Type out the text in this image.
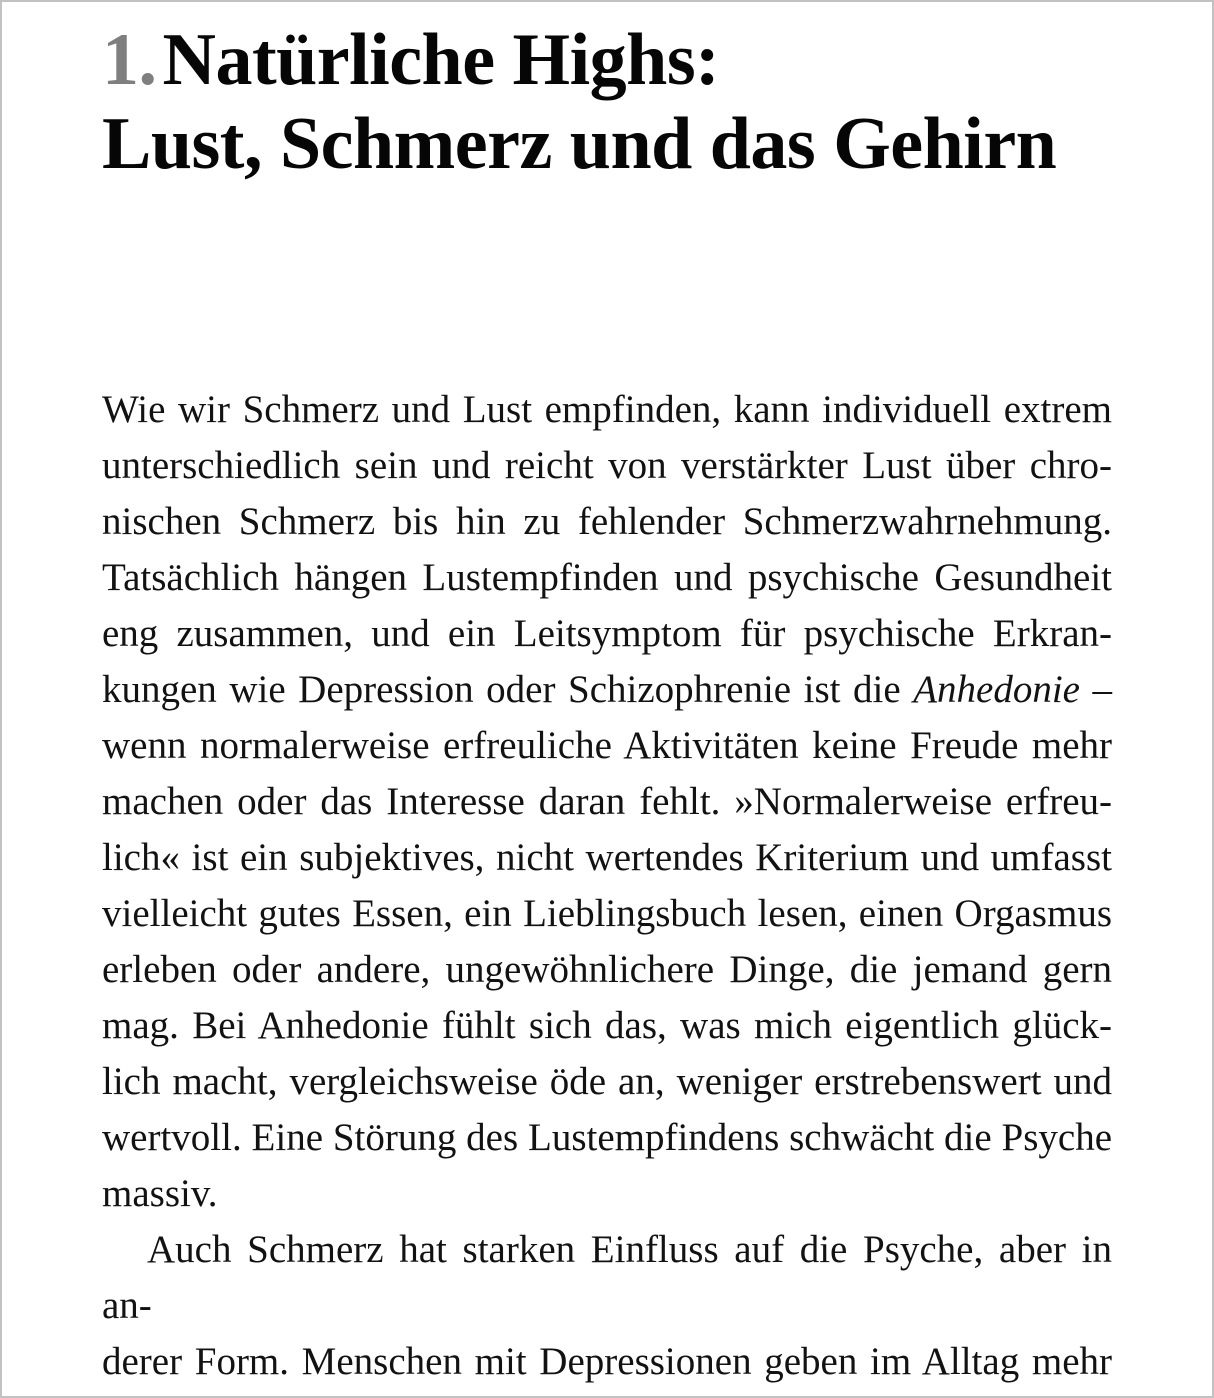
1.Natürliche Highs:
Lust, Schmerz und das Gehirn
Wie wir Schmerz und Lust empfinden, kann individuell extrem
unterschiedlich sein und reicht von verstärkter Lust über chro-
nischen Schmerz bis hin zu fehlender Schmerzwahrnehmung.
Tatsächlich hängen Lustempfinden und psychische Gesundheit
eng zusammen, und ein Leitsymptom für psychische Erkran-
kungen wie Depression oder Schizophrenie ist die Anhedonie –
wenn normalerweise erfreuliche Aktivitäten keine Freude mehr
machen oder das Interesse daran fehlt. »Normalerweise erfreu-
lich« ist ein subjektives, nicht wertendes Kriterium und umfasst
vielleicht gutes Essen, ein Lieblingsbuch lesen, einen Orgasmus
erleben oder andere, ungewöhnlichere Dinge, die jemand gern
mag. Bei Anhedonie fühlt sich das, was mich eigentlich glück-
lich macht, vergleichsweise öde an, weniger erstrebenswert und
wertvoll. Eine Störung des Lustempfindens schwächt die Psyche
massiv.
Auch Schmerz hat starken Einfluss auf die Psyche, aber in an-
derer Form. Menschen mit Depressionen geben im Alltag mehr
